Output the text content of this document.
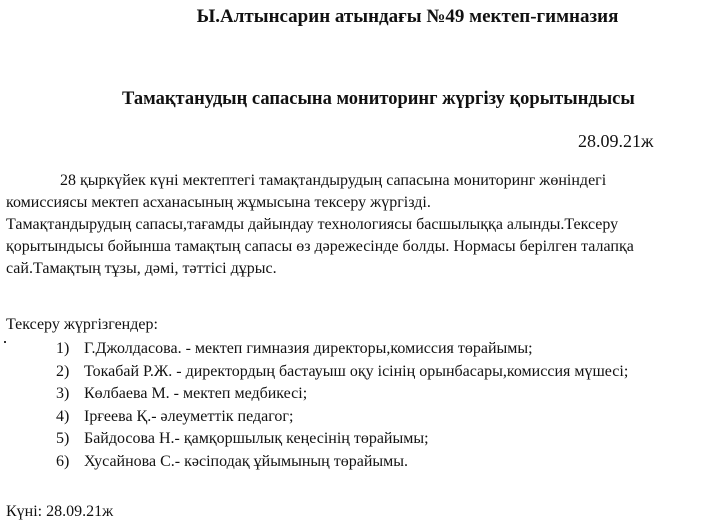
Ы.Алтынсарин атындағы №49 мектеп-гимназия
Тамақтанудың сапасына мониторинг жүргізу қорытындысы
28.09.21ж
28 қыркүйек күні мектептегі тамақтандырудың сапасына мониторинг жөніндегі
комиссиясы мектеп асханасының жұмысына тексеру жүргізді.
Тамақтандырудың сапасы,тағамды дайындау технологиясы басшылыққа алынды.Тексеру
қорытындысы бойынша тамақтың сапасы өз дәрежесінде болды. Нормасы берілген талапқа
сай.Тамақтың тұзы, дәмі, тәттісі дұрыс.
Тексеру жүргізгендер:
1) Г.Джолдасова. - мектеп гимназия директоры,комиссия төрайымы;
2) Токабай Р.Ж. - директордың бастауыш оқу ісінің орынбасары,комиссия мүшесі;
3) Көлбаева М. - мектеп медбикесі;
4) Ірғеева Қ.- әлеуметтік педагог;
5) Байдосова Н.- қамқоршылық кеңесінің төрайымы;
6) Хусайнова С.- кәсіподақ ұйымының төрайымы.
Күні: 28.09.21ж
